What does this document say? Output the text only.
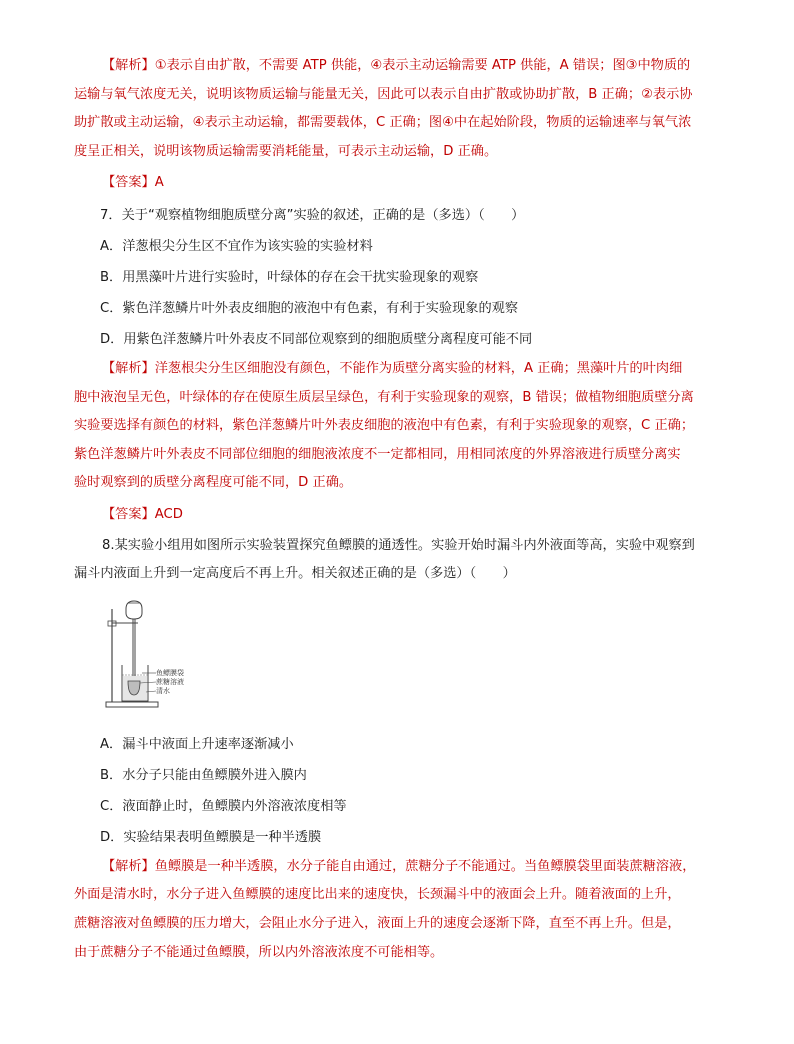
【解析】①表示自由扩散，不需要 ATP 供能，④表示主动运输需要 ATP 供能，A 错误；图③中物质的
运输与氧气浓度无关，说明该物质运输与能量无关，因此可以表示自由扩散或协助扩散，B 正确；②表示协
助扩散或主动运输，④表示主动运输，都需要载体，C 正确；图④中在起始阶段，物质的运输速率与氧气浓
度呈正相关，说明该物质运输需要消耗能量，可表示主动运输，D 正确。
【答案】A
7．关于“观察植物细胞质壁分离”实验的叙述，正确的是（多选）（　　）
A．洋葱根尖分生区不宜作为该实验的实验材料
B．用黑藻叶片进行实验时，叶绿体的存在会干扰实验现象的观察
C．紫色洋葱鳞片叶外表皮细胞的液泡中有色素，有利于实验现象的观察
D．用紫色洋葱鳞片叶外表皮不同部位观察到的细胞质壁分离程度可能不同
【解析】洋葱根尖分生区细胞没有颜色，不能作为质壁分离实验的材料，A 正确；黑藻叶片的叶肉细
胞中液泡呈无色，叶绿体的存在使原生质层呈绿色，有利于实验现象的观察，B 错误；做植物细胞质壁分离
实验要选择有颜色的材料，紫色洋葱鳞片叶外表皮细胞的液泡中有色素，有利于实验现象的观察，C 正确；
紫色洋葱鳞片叶外表皮不同部位细胞的细胞液浓度不一定都相同，用相同浓度的外界溶液进行质壁分离实
验时观察到的质壁分离程度可能不同，D 正确。
【答案】ACD
8.某实验小组用如图所示实验装置探究鱼鳔膜的通透性。实验开始时漏斗内外液面等高，实验中观察到
漏斗内液面上升到一定高度后不再上升。相关叙述正确的是（多选）（　　）
鱼鳔膜袋
蔗糖溶液
清水
A．漏斗中液面上升速率逐渐减小
B．水分子只能由鱼鳔膜外进入膜内
C．液面静止时，鱼鳔膜内外溶液浓度相等
D．实验结果表明鱼鳔膜是一种半透膜
【解析】鱼鳔膜是一种半透膜，水分子能自由通过，蔗糖分子不能通过。当鱼鳔膜袋里面装蔗糖溶液，
外面是清水时，水分子进入鱼鳔膜的速度比出来的速度快，长颈漏斗中的液面会上升。随着液面的上升，
蔗糖溶液对鱼鳔膜的压力增大，会阻止水分子进入，液面上升的速度会逐渐下降，直至不再上升。但是，
由于蔗糖分子不能通过鱼鳔膜，所以内外溶液浓度不可能相等。
